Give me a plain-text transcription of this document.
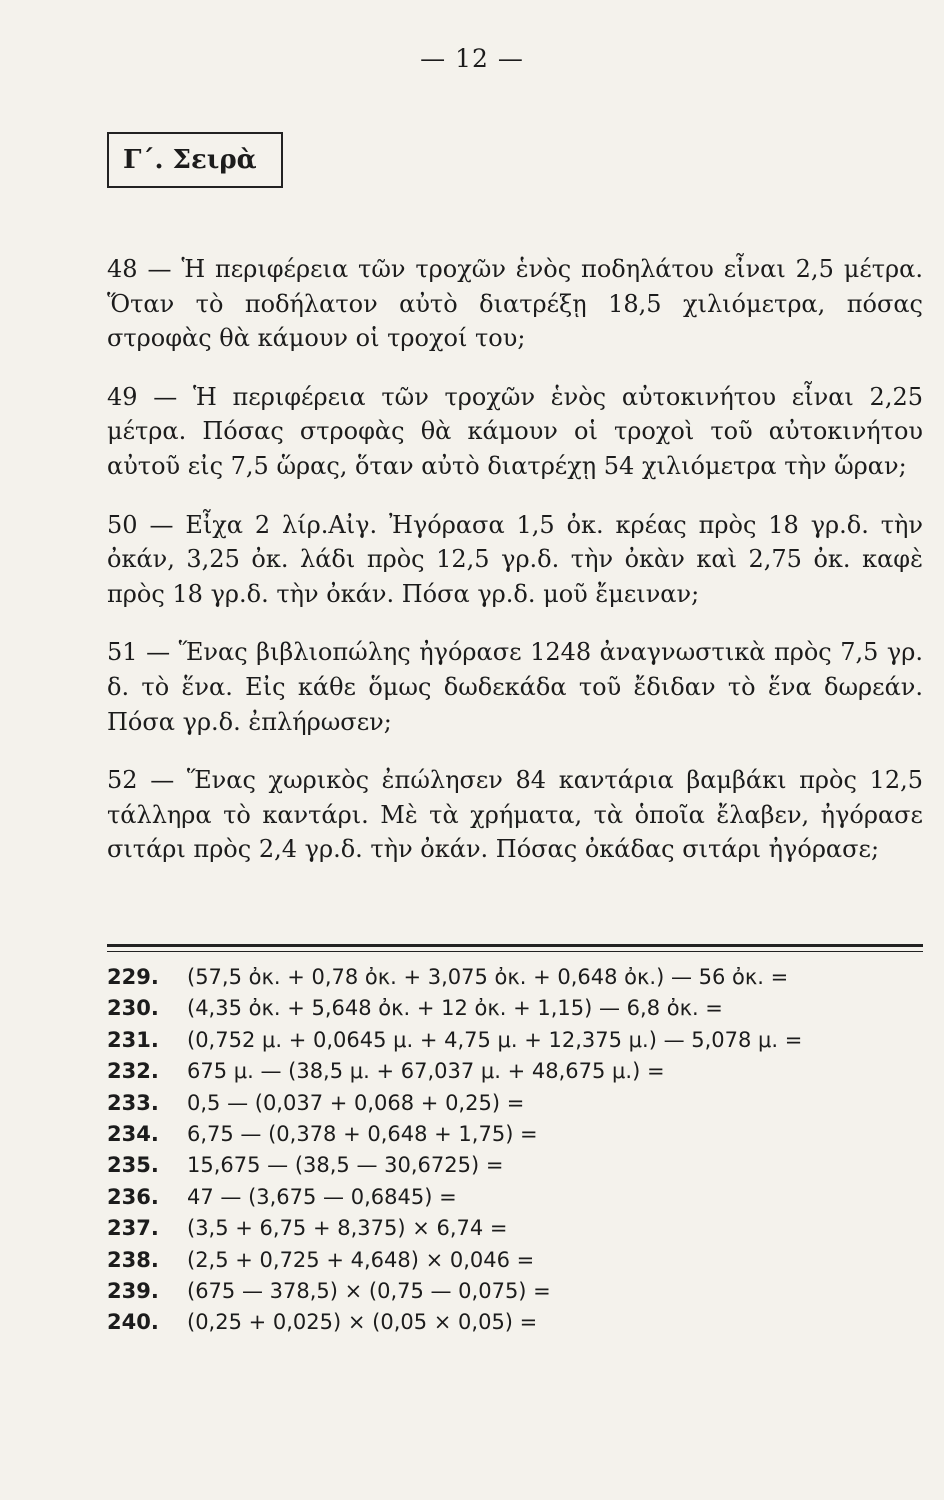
— 12 —
Γ΄. Σειρὰ

48 — Ἡ περιφέρεια τῶν τροχῶν ἑνὸς ποδηλάτου εἶναι 2,5 μέτρα. Ὅταν τὸ ποδήλατον αὐτὸ διατρέξῃ 18,5 χιλιόμετρα, πόσας στροφὰς θὰ κάμουν οἱ τροχοί του;

49 — Ἡ περιφέρεια τῶν τροχῶν ἑνὸς αὐτοκινήτου εἶναι 2,25 μέτρα. Πόσας στροφὰς θὰ κάμουν οἱ τροχοὶ τοῦ αὐτοκινήτου αὐτοῦ εἰς 7,5 ὥρας, ὅταν αὐτὸ διατρέχῃ 54 χιλιόμετρα τὴν ὥραν;

50 — Εἶχα 2 λίρ.Αἰγ. Ἠγόρασα 1,5 ὀκ. κρέας πρὸς 18 γρ.δ. τὴν ὀκάν, 3,25 ὀκ. λάδι πρὸς 12,5 γρ.δ. τὴν ὀκὰν καὶ 2,75 ὀκ. καφὲ πρὸς 18 γρ.δ. τὴν ὀκάν. Πόσα γρ.δ. μοῦ ἔμειναν;

51 — Ἕνας βιβλιοπώλης ἠγόρασε 1248 ἀναγνωστικὰ πρὸς 7,5 γρ. δ. τὸ ἕνα. Εἰς κάθε ὅμως δωδεκάδα τοῦ ἔδιδαν τὸ ἕνα δωρεάν. Πόσα γρ.δ. ἐπλήρωσεν;

52 — Ἕνας χωρικὸς ἐπώλησεν 84 καντάρια βαμβάκι πρὸς 12,5 τάλληρα τὸ καντάρι. Μὲ τὰ χρήματα, τὰ ὁποῖα ἔλαβεν, ἠγόρασε σιτάρι πρὸς 2,4 γρ.δ. τὴν ὀκάν. Πόσας ὀκάδας σιτάρι ἠγόρασε;

229. (57,5 ὀκ. + 0,78 ὀκ. + 3,075 ὀκ. + 0,648 ὀκ.) — 56 ὀκ. =
230. (4,35 ὀκ. + 5,648 ὀκ. + 12 ὀκ. + 1,15) — 6,8 ὀκ. =
231. (0,752 μ. + 0,0645 μ. + 4,75 μ. + 12,375 μ.) — 5,078 μ. =
232. 675 μ. — (38,5 μ. + 67,037 μ. + 48,675 μ.) =
233. 0,5 — (0,037 + 0,068 + 0,25) =
234. 6,75 — (0,378 + 0,648 + 1,75) =
235. 15,675 — (38,5 — 30,6725) =
236. 47 — (3,675 — 0,6845) =
237. (3,5 + 6,75 + 8,375) × 6,74 =
238. (2,5 + 0,725 + 4,648) × 0,046 =
239. (675 — 378,5) × (0,75 — 0,075) =
240. (0,25 + 0,025) × (0,05 × 0,05) =
